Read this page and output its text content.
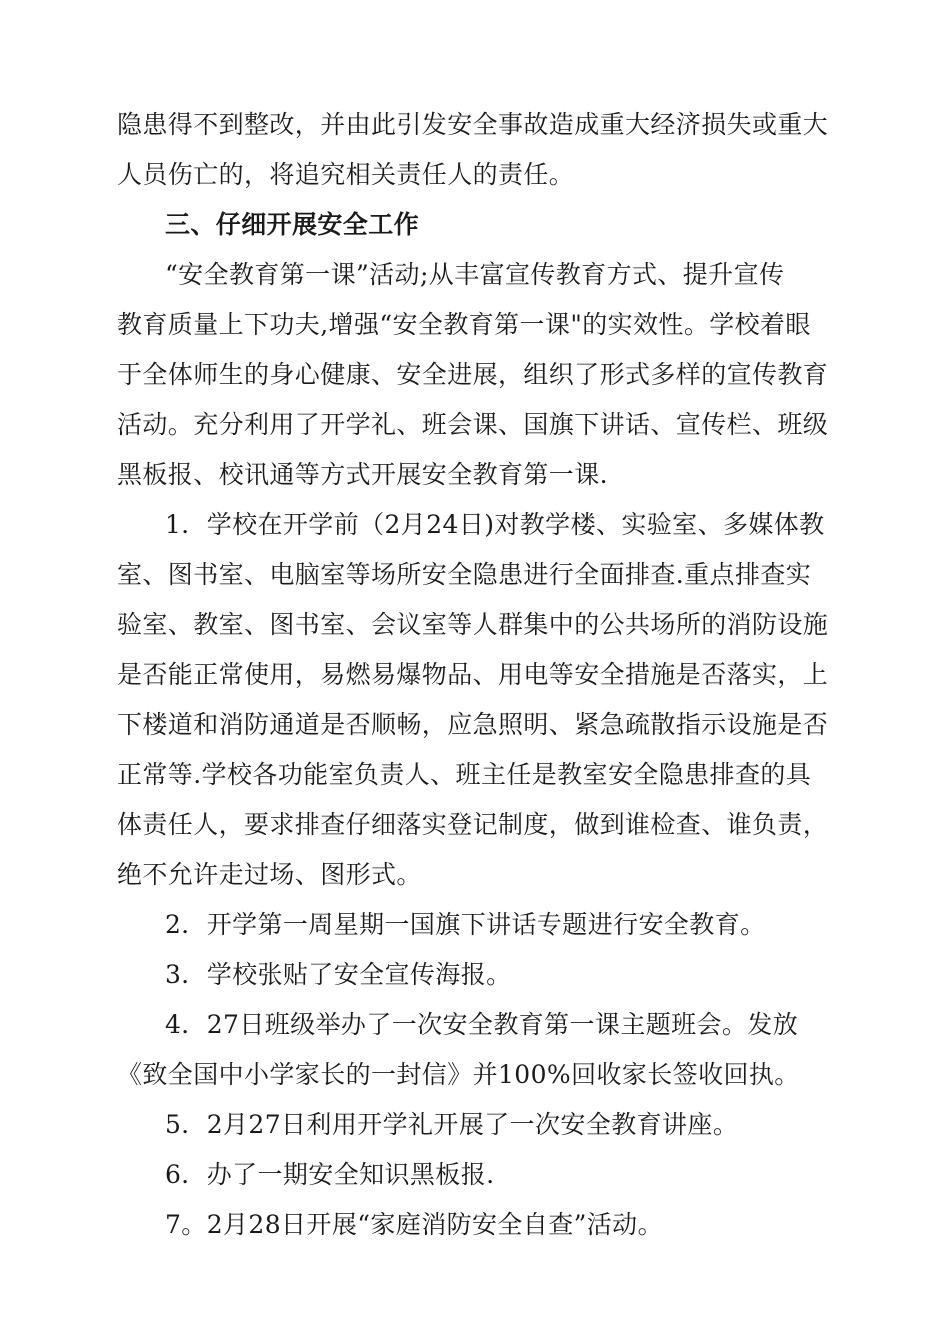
隐患得不到整改，并由此引发安全事故造成重大经济损失或重大
人员伤亡的，将追究相关责任人的责任。
三、仔细开展安全工作
“安全教育第一课”活动;从丰富宣传教育方式、提升宣传
教育质量上下功夫,增强“安全教育第一课"的实效性。学校着眼
于全体师生的身心健康、安全进展，组织了形式多样的宣传教育
活动。充分利用了开学礼、班会课、国旗下讲话、宣传栏、班级
黑板报、校讯通等方式开展安全教育第一课.
1．学校在开学前（2月24日)对教学楼、实验室、多媒体教
室、图书室、电脑室等场所安全隐患进行全面排查.重点排查实
验室、教室、图书室、会议室等人群集中的公共场所的消防设施
是否能正常使用，易燃易爆物品、用电等安全措施是否落实，上
下楼道和消防通道是否顺畅，应急照明、紧急疏散指示设施是否
正常等.学校各功能室负责人、班主任是教室安全隐患排查的具
体责任人，要求排查仔细落实登记制度，做到谁检查、谁负责，
绝不允许走过场、图形式。
2．开学第一周星期一国旗下讲话专题进行安全教育。
3．学校张贴了安全宣传海报。
4．27日班级举办了一次安全教育第一课主题班会。发放
《致全国中小学家长的一封信》并100%回收家长签收回执。
5．2月27日利用开学礼开展了一次安全教育讲座。
6．办了一期安全知识黑板报.
7。2月28日开展“家庭消防安全自查”活动。
